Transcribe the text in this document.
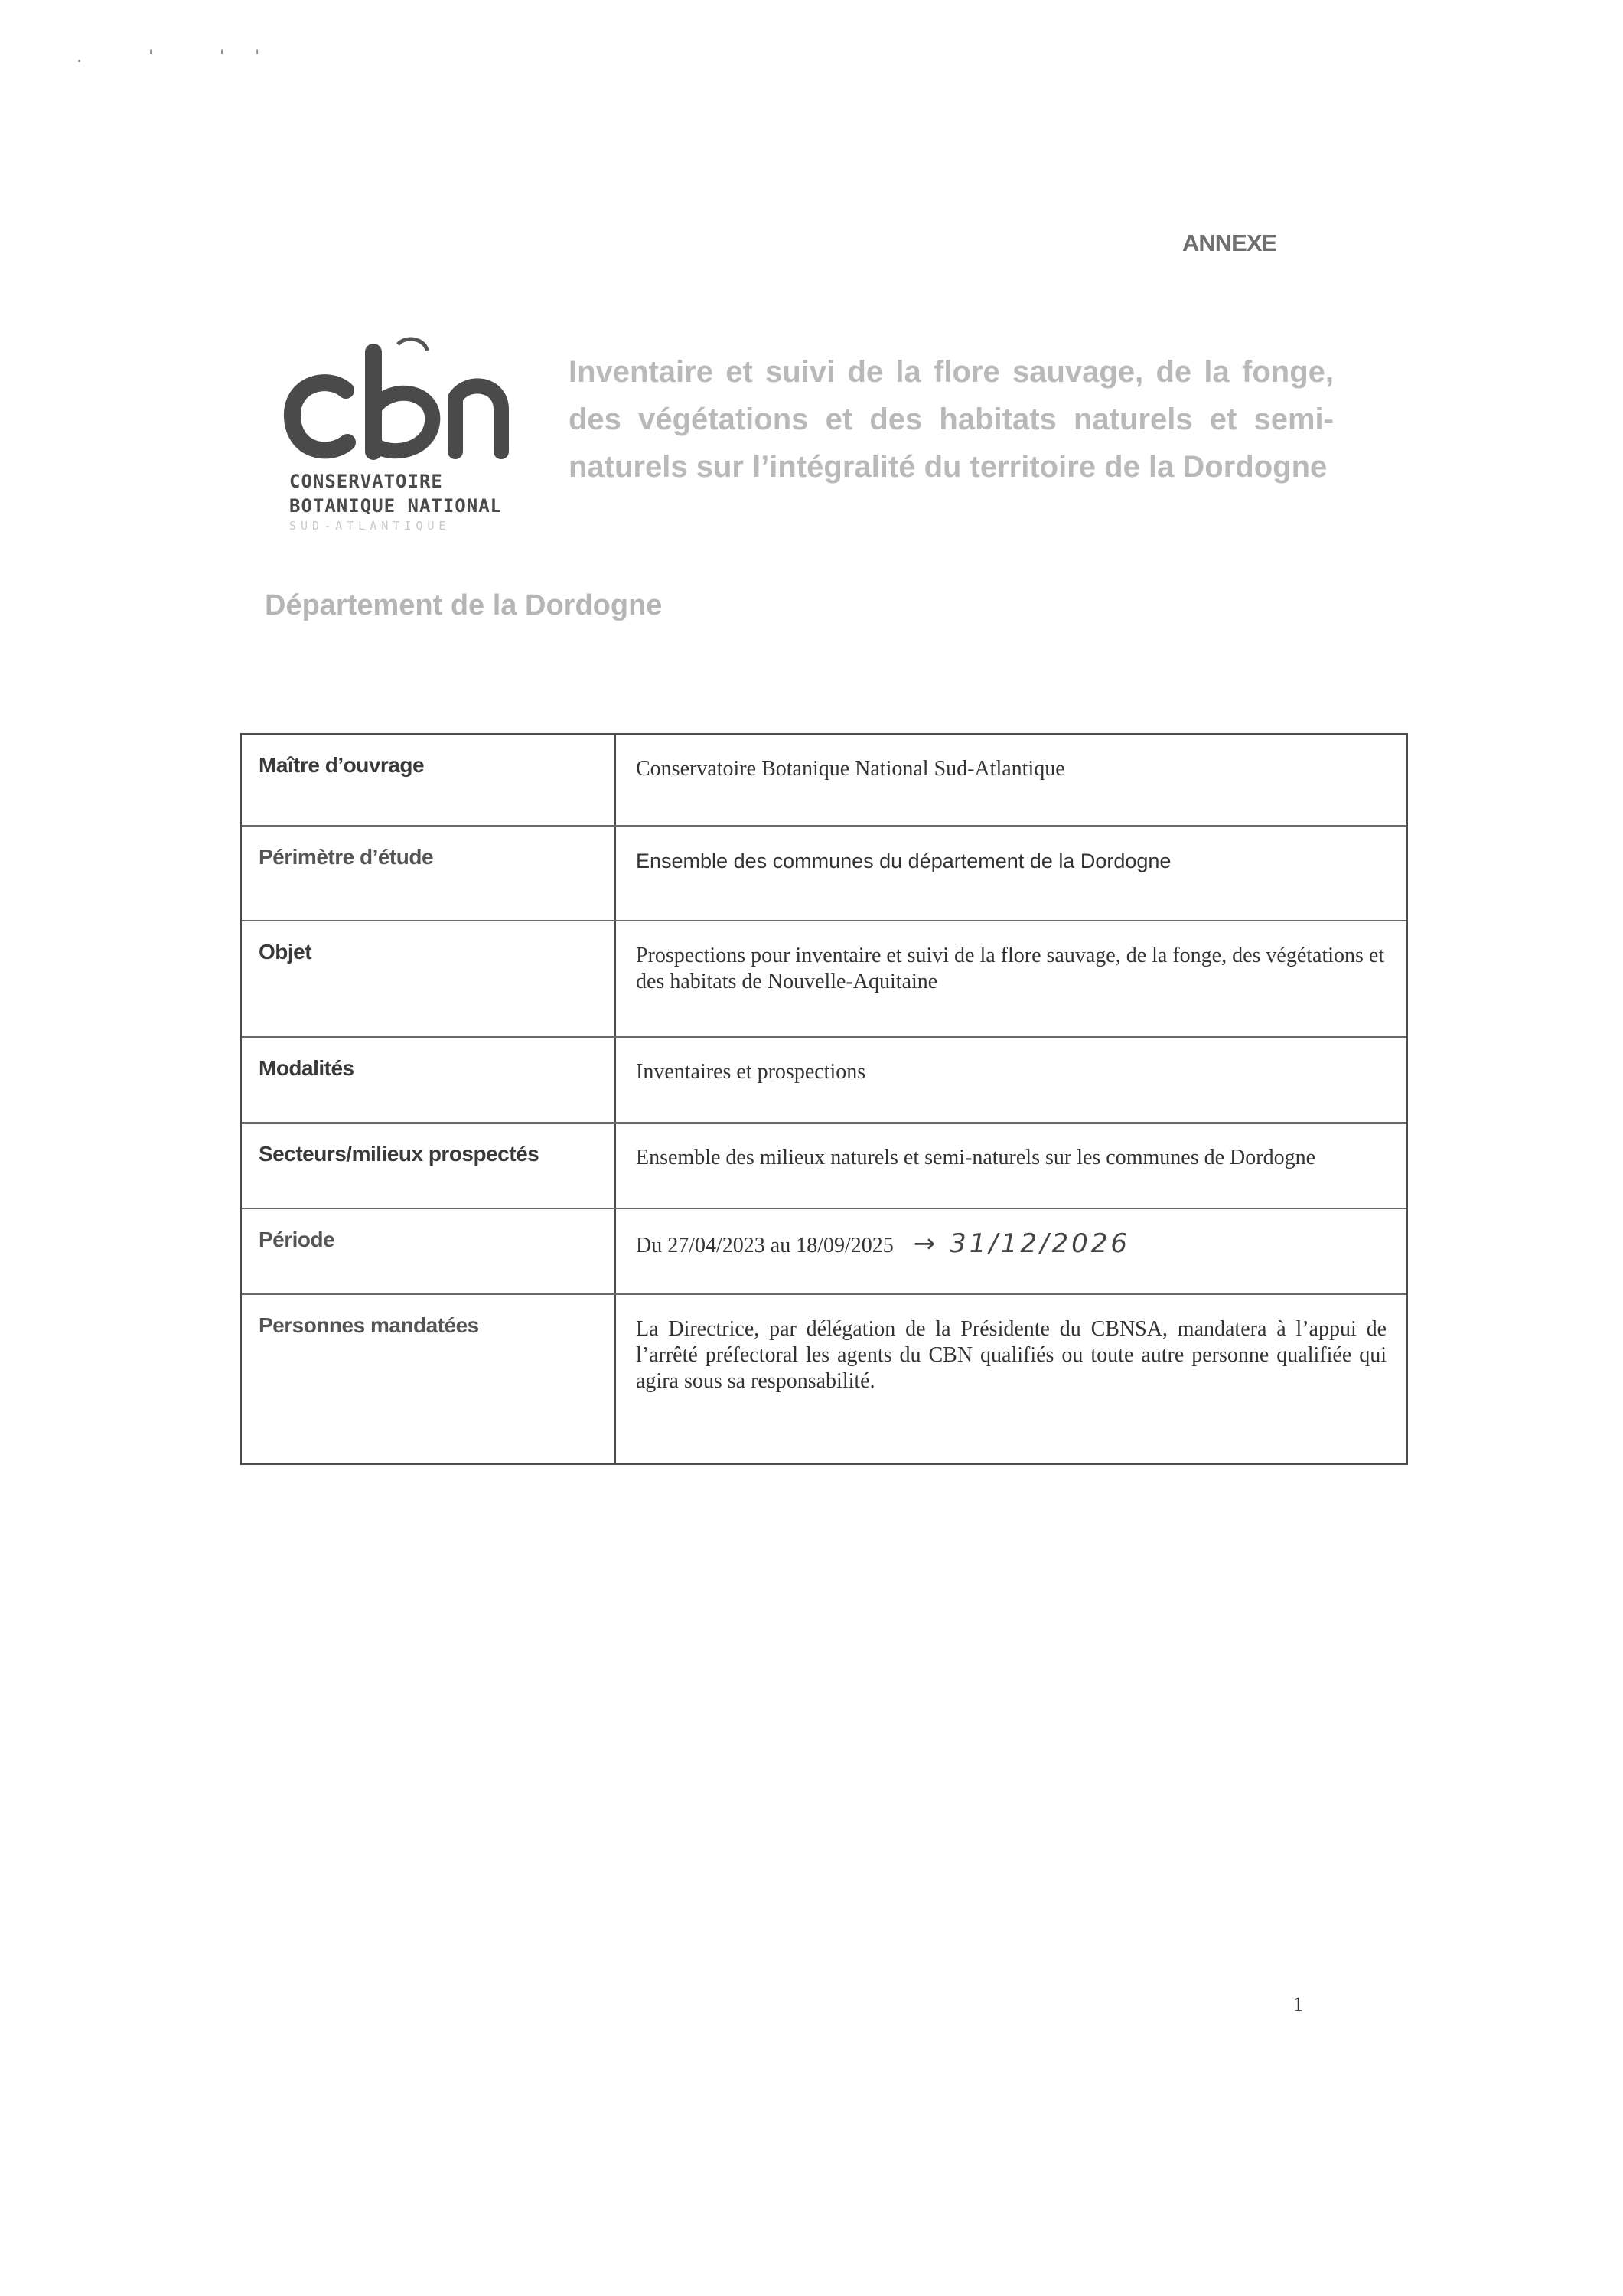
. ' ''
ANNEXE
CONSERVATOIRE
BOTANIQUE NATIONAL
SUD-ATLANTIQUE
Inventaire et suivi de la flore sauvage, de la fonge, des végétations et des habitats naturels et semi-naturels sur l’intégralité du territoire de la Dordogne
Département de la Dordogne
Maître d’ouvrage	Conservatoire Botanique National Sud-Atlantique
Périmètre d’étude	Ensemble des communes du département de la Dordogne
Objet	Prospections pour inventaire et suivi de la flore sauvage, de la fonge, des végétations et des habitats de Nouvelle-Aquitaine
Modalités	Inventaires et prospections
Secteurs/milieux prospectés	Ensemble des milieux naturels et semi-naturels sur les communes de Dordogne
Période	Du 27/04/2023 au 18/09/2025 → 31/12/2026
Personnes mandatées	La Directrice, par délégation de la Présidente du CBNSA, mandatera à l’appui de l’arrêté préfectoral les agents du CBN qualifiés ou toute autre personne qualifiée qui agira sous sa responsabilité.
1
